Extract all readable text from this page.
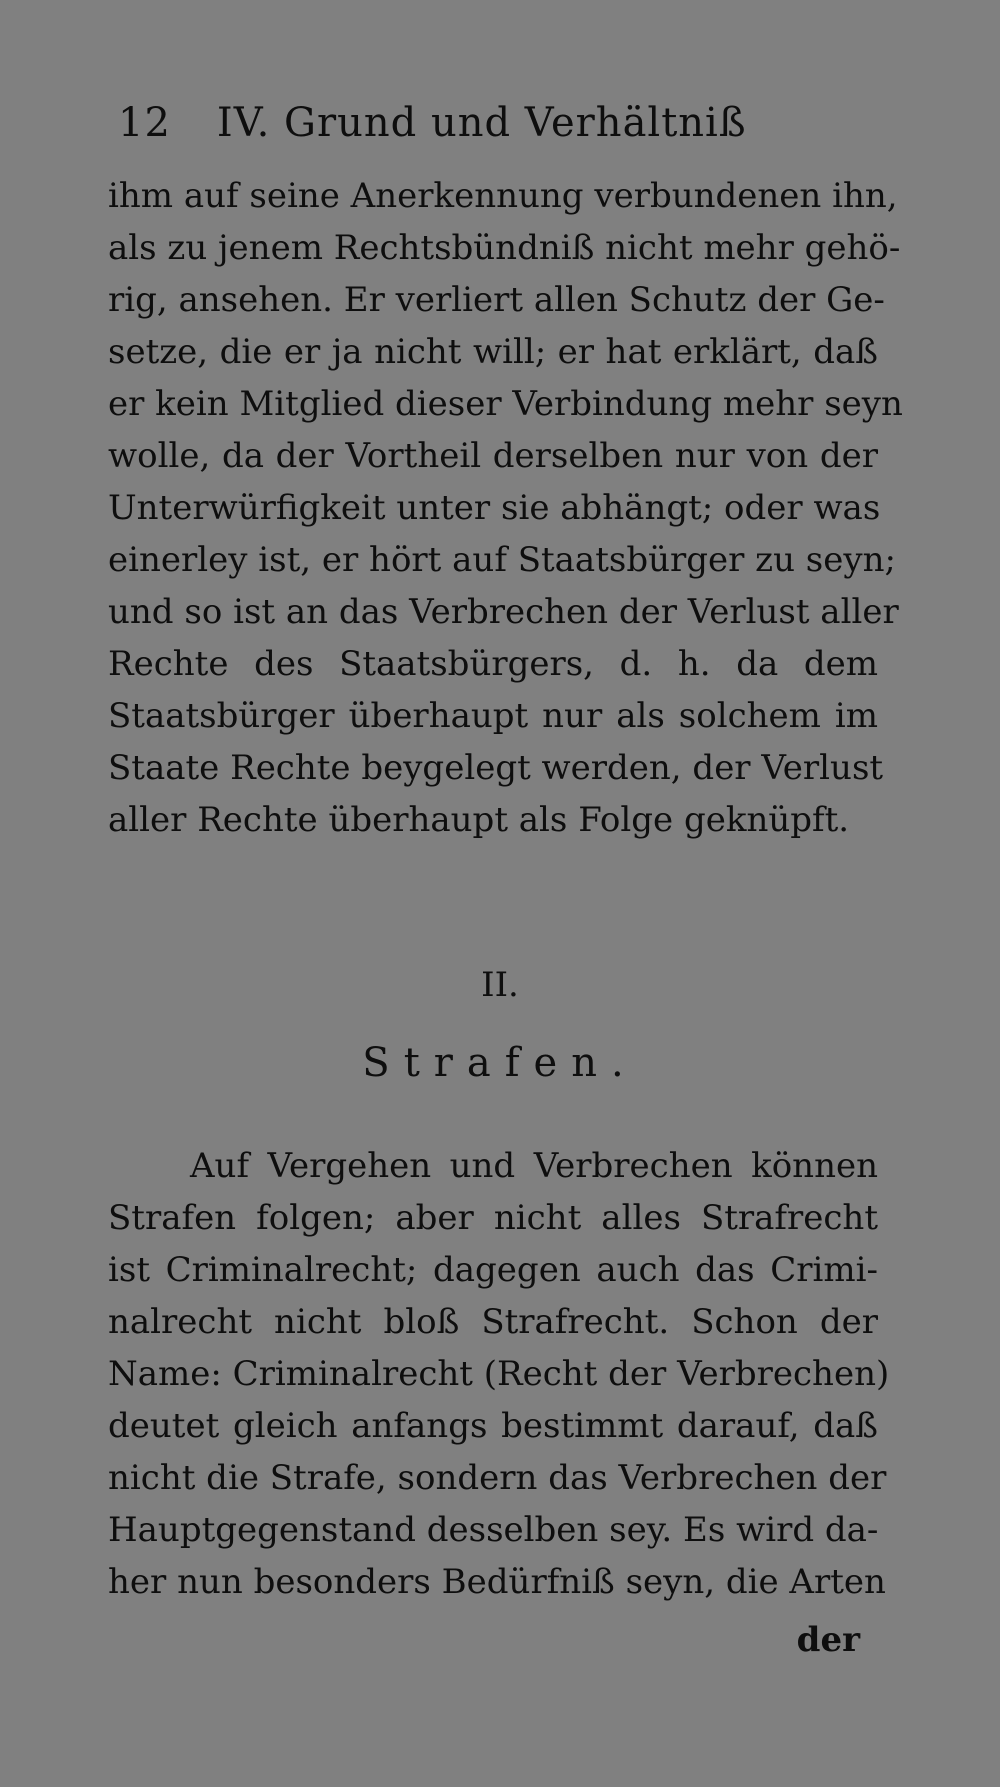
12 IV. Grund und Verhältniß
ihm auf seine Anerkennung verbundenen ihn,
als zu jenem Rechtsbündniß nicht mehr gehö-
rig, ansehen. Er verliert allen Schutz der Ge-
setze, die er ja nicht will; er hat erklärt, daß
er kein Mitglied dieser Verbindung mehr seyn
wolle, da der Vortheil derselben nur von der
Unterwürfigkeit unter sie abhängt; oder was
einerley ist, er hört auf Staatsbürger zu seyn;
und so ist an das Verbrechen der Verlust aller
Rechte des Staatsbürgers, d. h. da dem
Staatsbürger überhaupt nur als solchem im
Staate Rechte beygelegt werden, der Verlust
aller Rechte überhaupt als Folge geknüpft.
II.
Strafen.
Auf Vergehen und Verbrechen können
Strafen folgen; aber nicht alles Strafrecht
ist Criminalrecht; dagegen auch das Crimi-
nalrecht nicht bloß Strafrecht. Schon der
Name: Criminalrecht (Recht der Verbrechen)
deutet gleich anfangs bestimmt darauf, daß
nicht die Strafe, sondern das Verbrechen der
Hauptgegenstand desselben sey. Es wird da-
her nun besonders Bedürfniß seyn, die Arten
der
